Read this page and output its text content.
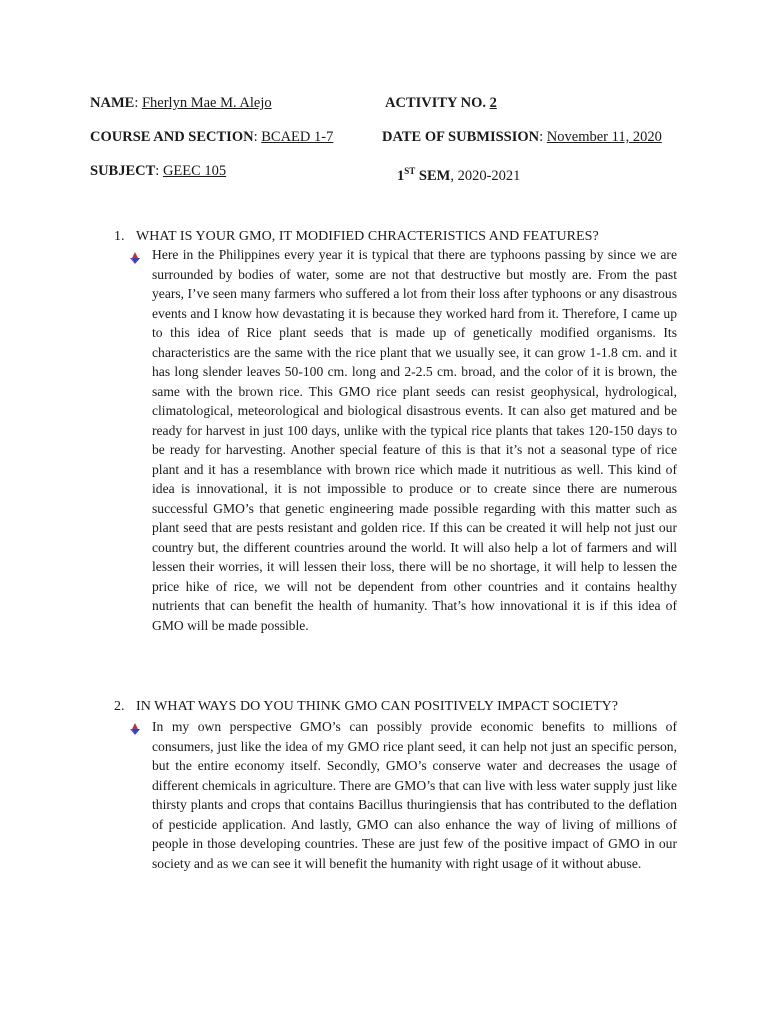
NAME: Fherlyn Mae M. Alejo	ACTIVITY NO. 2
COURSE AND SECTION: BCAED 1-7	DATE OF SUBMISSION: November 11, 2020
SUBJECT: GEEC 105	1ST SEM, 2020-2021
1. WHAT IS YOUR GMO, IT MODIFIED CHRACTERISTICS AND FEATURES?

Here in the Philippines every year it is typical that there are typhoons passing by since we are surrounded by bodies of water, some are not that destructive but mostly are. From the past years, I’ve seen many farmers who suffered a lot from their loss after typhoons or any disastrous events and I know how devastating it is because they worked hard from it. Therefore, I came up to this idea of Rice plant seeds that is made up of genetically modified organisms. Its characteristics are the same with the rice plant that we usually see, it can grow 1-1.8 cm. and it has long slender leaves 50-100 cm. long and 2-2.5 cm. broad, and the color of it is brown, the same with the brown rice. This GMO rice plant seeds can resist geophysical, hydrological, climatological, meteorological and biological disastrous events. It can also get matured and be ready for harvest in just 100 days, unlike with the typical rice plants that takes 120-150 days to be ready for harvesting. Another special feature of this is that it’s not a seasonal type of rice plant and it has a resemblance with brown rice which made it nutritious as well. This kind of idea is innovational, it is not impossible to produce or to create since there are numerous successful GMO’s that genetic engineering made possible regarding with this matter such as plant seed that are pests resistant and golden rice. If this can be created it will help not just our country but, the different countries around the world. It will also help a lot of farmers and will lessen their worries, it will lessen their loss, there will be no shortage, it will help to lessen the price hike of rice, we will not be dependent from other countries and it contains healthy nutrients that can benefit the health of humanity. That’s how innovational it is if this idea of GMO will be made possible.

2. IN WHAT WAYS DO YOU THINK GMO CAN POSITIVELY IMPACT SOCIETY?

In my own perspective GMO’s can possibly provide economic benefits to millions of consumers, just like the idea of my GMO rice plant seed, it can help not just an specific person, but the entire economy itself. Secondly, GMO’s conserve water and decreases the usage of different chemicals in agriculture. There are GMO’s that can live with less water supply just like thirsty plants and crops that contains Bacillus thuringiensis that has contributed to the deflation of pesticide application. And lastly, GMO can also enhance the way of living of millions of people in those developing countries. These are just few of the positive impact of GMO in our society and as we can see it will benefit the humanity with right usage of it without abuse.
